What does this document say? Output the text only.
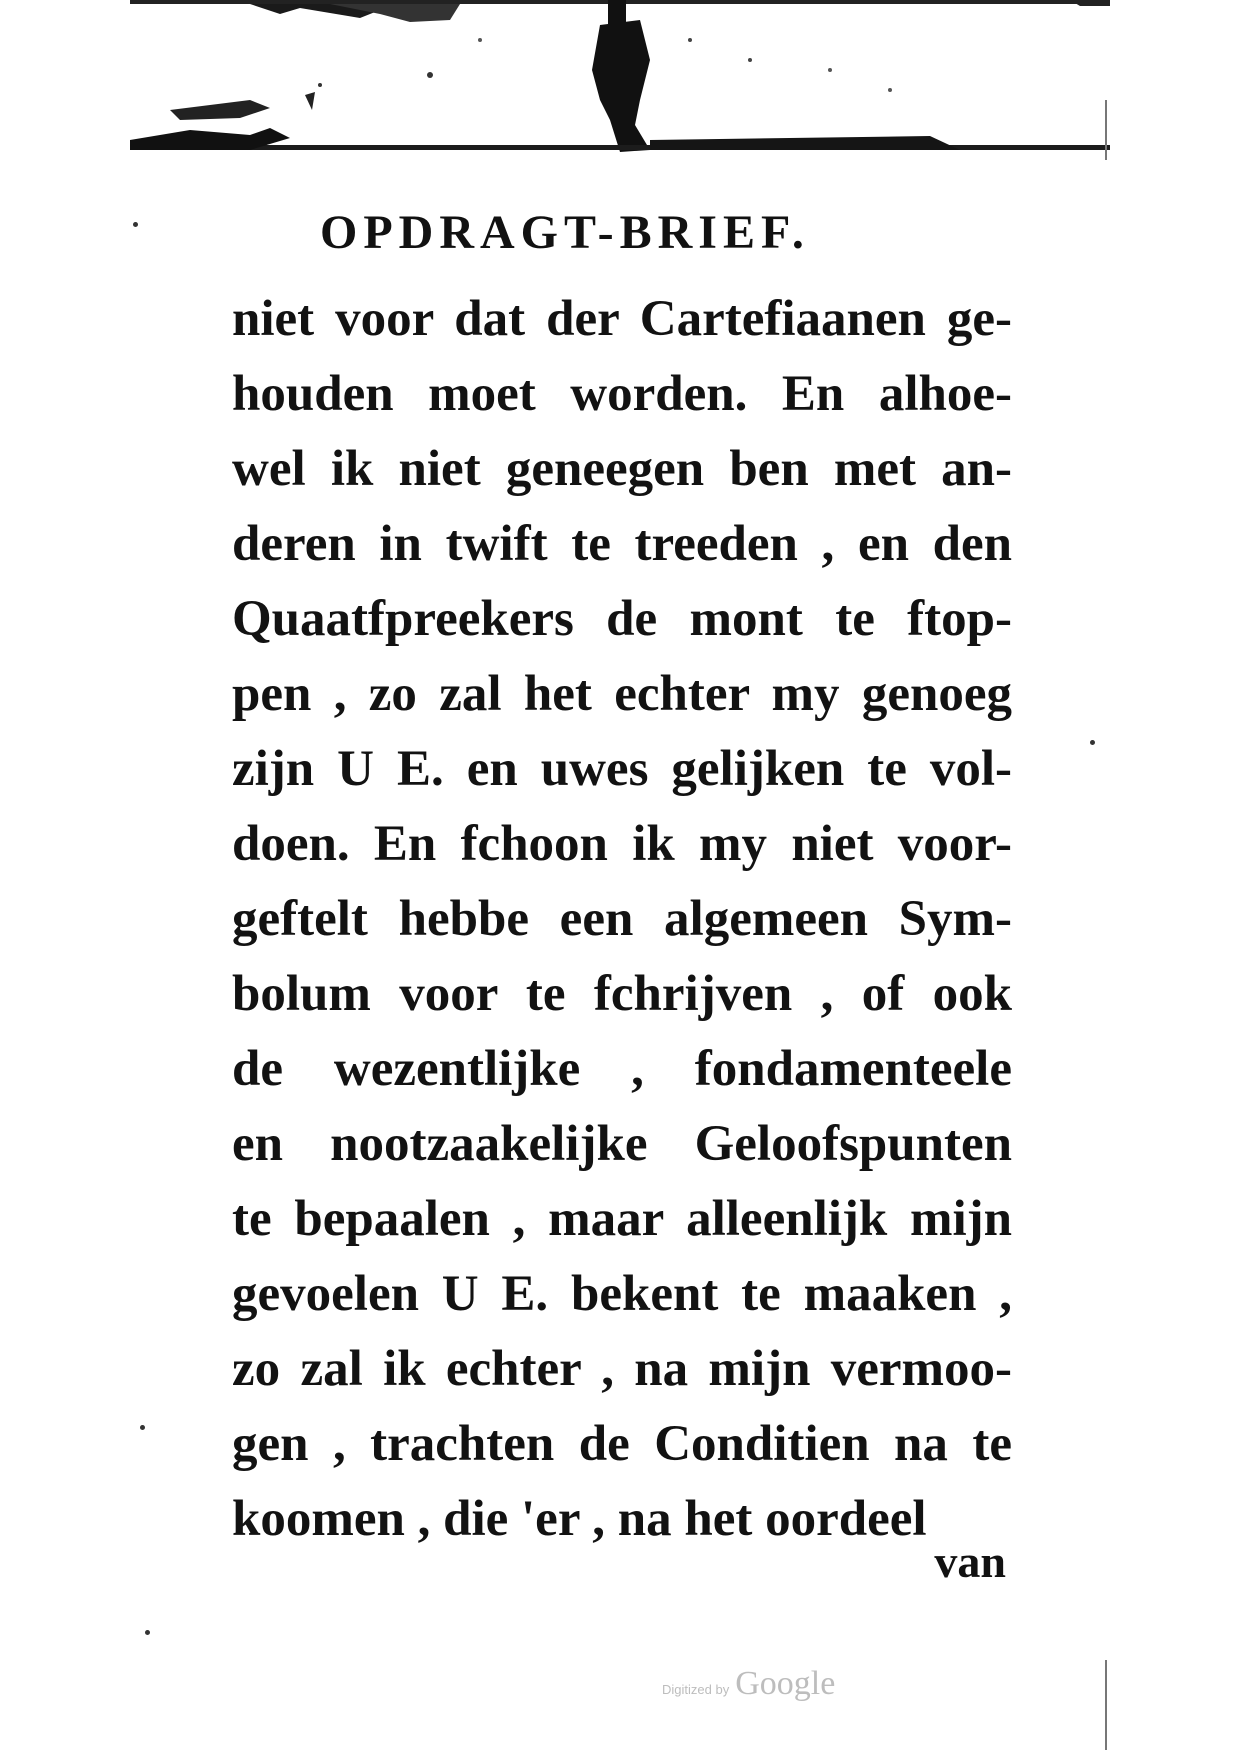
OPDRAGT-BRIEF.
niet voor dat der Cartefiaanen ge-
houden moet worden. En alhoe-
wel ik niet geneegen ben met an-
deren in twift te treeden , en den
Quaatfpreekers de mont te ftop-
pen , zo zal het echter my genoeg
zijn U E. en uwes gelijken te vol-
doen. En fchoon ik my niet voor-
geftelt hebbe een algemeen Sym-
bolum voor te fchrijven , of ook
de wezentlijke , fondamenteele
en nootzaakelijke Geloofspunten
te bepaalen , maar alleenlijk mijn
gevoelen U E. bekent te maaken ,
zo zal ik echter , na mijn vermoo-
gen , trachten de Conditien na te
koomen , die 'er , na het oordeel
van
Digitized by Google
